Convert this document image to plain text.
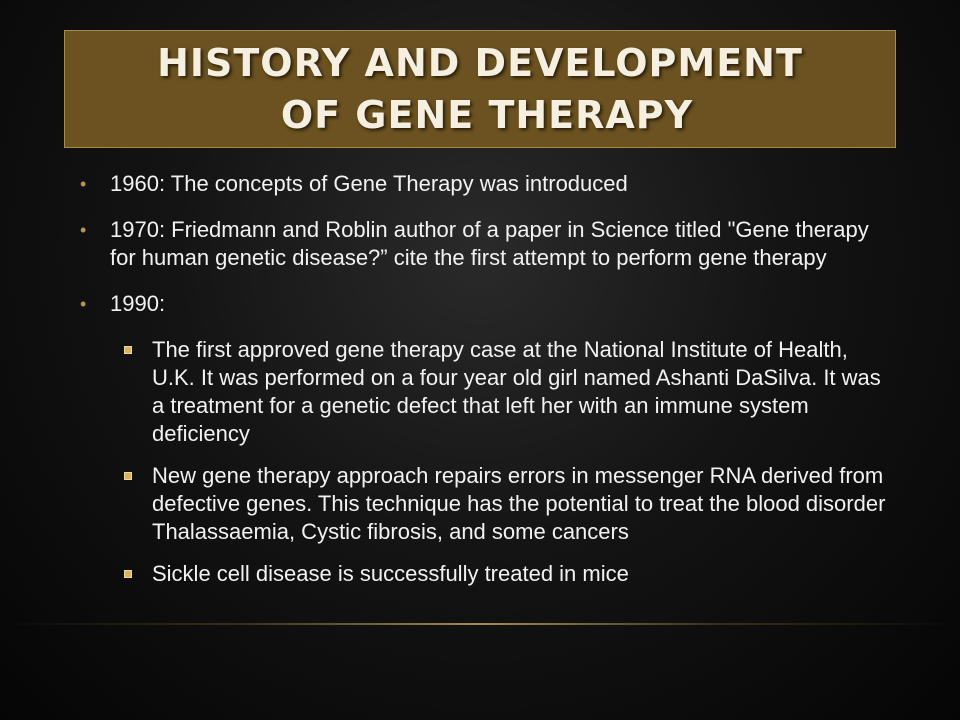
HISTORY AND DEVELOPMENT
OF GENE THERAPY
• 1960: The concepts of Gene Therapy was introduced
• 1970: Friedmann and Roblin author of a paper in Science titled "Gene therapy for human genetic disease?” cite the first attempt to perform gene therapy
• 1990:
The first approved gene therapy case at the National Institute of Health, U.K. It was performed on a four year old girl named Ashanti DaSilva. It was a treatment for a genetic defect that left her with an immune system deficiency
New gene therapy approach repairs errors in messenger RNA derived from defective genes. This technique has the potential to treat the blood disorder Thalassaemia, Cystic fibrosis, and some cancers
Sickle cell disease is successfully treated in mice
